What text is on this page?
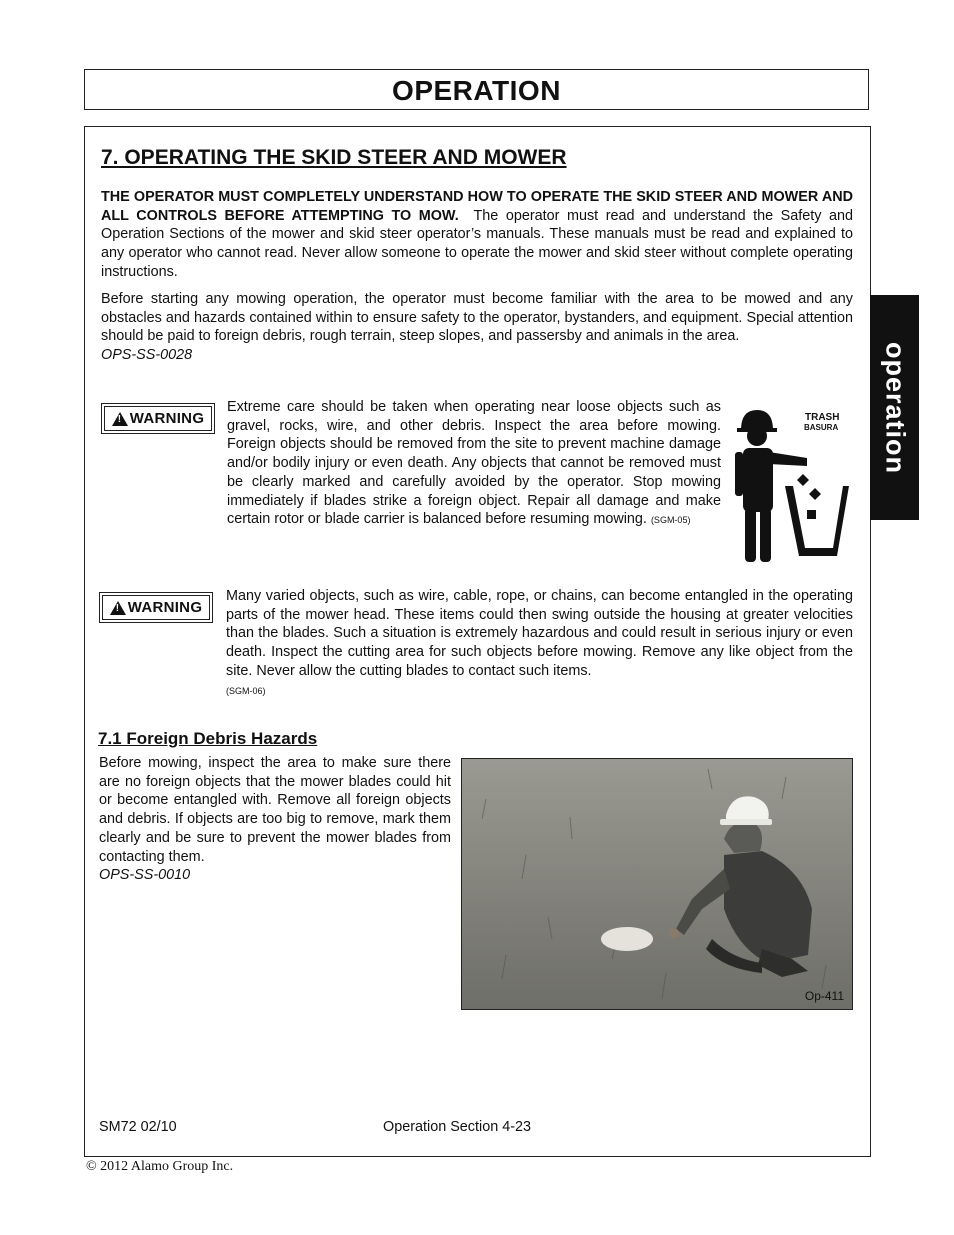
OPERATION
operation
7. OPERATING THE SKID STEER AND MOWER

THE OPERATOR MUST COMPLETELY UNDERSTAND HOW TO OPERATE THE SKID STEER AND MOWER AND ALL CONTROLS BEFORE ATTEMPTING TO MOW. The operator must read and understand the Safety and Operation Sections of the mower and skid steer operator’s manuals. These manuals must be read and explained to any operator who cannot read. Never allow someone to operate the mower and skid steer without complete operating instructions.

Before starting any mowing operation, the operator must become familiar with the area to be mowed and any obstacles and hazards contained within to ensure safety to the operator, bystanders, and equipment. Special attention should be paid to foreign debris, rough terrain, steep slopes, and passersby and animals in the area.
OPS-SS-0028

!
WARNING

Extreme care should be taken when operating near loose objects such as gravel, rocks, wire, and other debris. Inspect the area before mowing. Foreign objects should be removed from the site to prevent machine damage and/or bodily injury or even death. Any objects that cannot be removed must be clearly marked and carefully avoided by the operator. Stop mowing immediately if blades strike a foreign object. Repair all damage and make certain rotor or blade carrier is balanced before resuming mowing. (SGM-05)

TRASH
BASURA
!
WARNING

Many varied objects, such as wire, cable, rope, or chains, can become entangled in the operating parts of the mower head. These items could then swing outside the housing at greater velocities than the blades. Such a situation is extremely hazardous and could result in serious injury or even death. Inspect the cutting area for such objects before mowing. Remove any like object from the site. Never allow the cutting blades to contact such items.
(SGM-06)

7.1 Foreign Debris Hazards

Before mowing, inspect the area to make sure there are no foreign objects that the mower blades could hit or become entangled with. Remove all foreign objects and debris. If objects are too big to remove, mark them clearly and be sure to prevent the mower blades from contacting them.
OPS-SS-0010

Op-411
SM72 02/10	Operation Section 4-23
© 2012 Alamo Group Inc.
